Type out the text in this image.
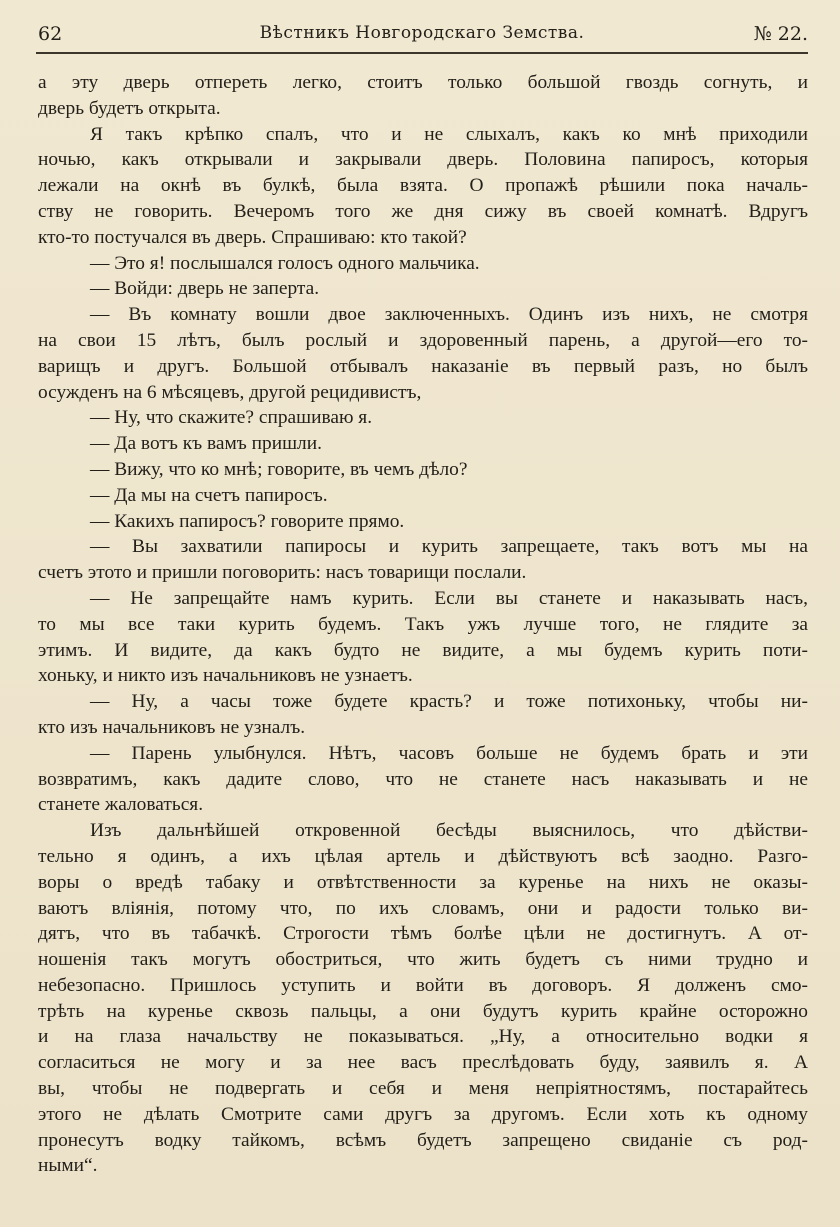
62	Вѣстникъ Новгородскаго Земства.	№ 22.
а эту дверь отпереть легко, стоитъ только большой гвоздь согнуть, и
дверь будетъ открыта.
Я такъ крѣпко спалъ, что и не слыхалъ, какъ ко мнѣ приходили
ночью, какъ открывали и закрывали дверь. Половина папиросъ, которыя
лежали на окнѣ въ булкѣ, была взята. О пропажѣ рѣшили пока началь-
ству не говорить. Вечеромъ того же дня сижу въ своей комнатѣ. Вдругъ
кто-то постучался въ дверь. Спрашиваю: кто такой?
— Это я! послышался голосъ одного мальчика.
— Войди: дверь не заперта.
— Въ комнату вошли двое заключенныхъ. Одинъ изъ нихъ, не смотря
на свои 15 лѣтъ, былъ рослый и здоровенный парень, а другой—его то-
варищъ и другъ. Большой отбывалъ наказаніе въ первый разъ, но былъ
осужденъ на 6 мѣсяцевъ, другой рецидивистъ,
— Ну, что скажите? спрашиваю я.
— Да вотъ къ вамъ пришли.
— Вижу, что ко мнѣ; говорите, въ чемъ дѣло?
— Да мы на счетъ папиросъ.
— Какихъ папиросъ? говорите прямо.
— Вы захватили папиросы и курить запрещаете, такъ вотъ мы на
счетъ этото и пришли поговорить: насъ товарищи послали.
— Не запрещайте намъ курить. Если вы станете и наказывать насъ,
то мы все таки курить будемъ. Такъ ужъ лучше того, не глядите за
этимъ. И видите, да какъ будто не видите, а мы будемъ курить поти-
хоньку, и никто изъ начальниковъ не узнаетъ.
— Ну, а часы тоже будете красть? и тоже потихоньку, чтобы ни-
кто изъ начальниковъ не узналъ.
— Парень улыбнулся. Нѣтъ, часовъ больше не будемъ брать и эти
возвратимъ, какъ дадите слово, что не станете насъ наказывать и не
станете жаловаться.
Изъ дальнѣйшей откровенной бесѣды выяснилось, что дѣйстви-
тельно я одинъ, а ихъ цѣлая артель и дѣйствуютъ всѣ заодно. Разго-
воры о вредѣ табаку и отвѣтственности за куренье на нихъ не оказы-
ваютъ вліянія, потому что, по ихъ словамъ, они и радости только ви-
дятъ, что въ табачкѣ. Строгости тѣмъ болѣе цѣли не достигнутъ. А от-
ношенія такъ могутъ обостриться, что жить будетъ съ ними трудно и
небезопасно. Пришлось уступить и войти въ договоръ. Я долженъ смо-
трѣть на куренье сквозь пальцы, а они будутъ курить крайне осторожно
и на глаза начальству не показываться. „Ну, а относительно водки я
согласиться не могу и за нее васъ преслѣдовать буду, заявилъ я. А
вы, чтобы не подвергать и себя и меня непріятностямъ, постарайтесь
этого не дѣлать Смотрите сами другъ за другомъ. Если хоть къ одному
пронесутъ водку тайкомъ, всѣмъ будетъ запрещено свиданіе съ род-
ными“.
